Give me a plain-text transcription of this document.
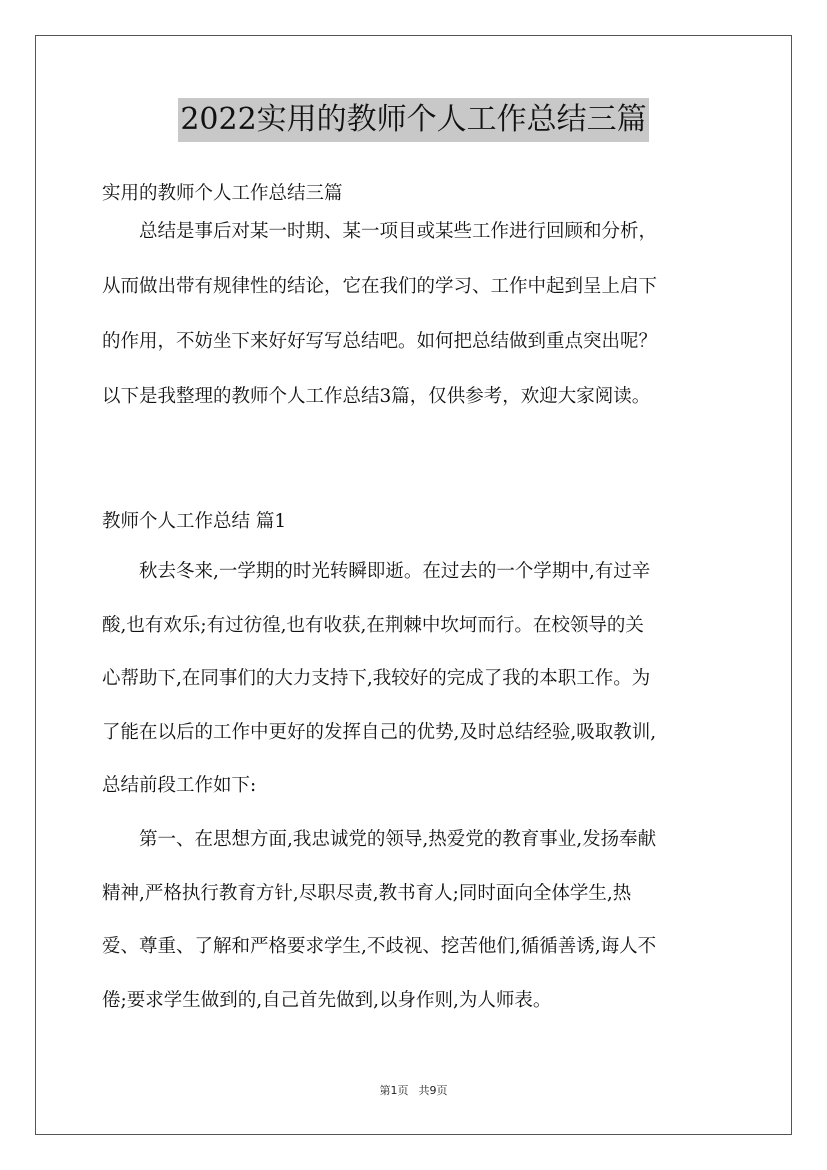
2022实用的教师个人工作总结三篇

实用的教师个人工作总结三篇

总结是事后对某一时期、某一项目或某些工作进行回顾和分析，
从而做出带有规律性的结论，它在我们的学习、工作中起到呈上启下
的作用，不妨坐下来好好写写总结吧。如何把总结做到重点突出呢？
以下是我整理的教师个人工作总结3篇，仅供参考，欢迎大家阅读。

教师个人工作总结 篇1

秋去冬来,一学期的时光转瞬即逝。在过去的一个学期中,有过辛
酸,也有欢乐;有过彷徨,也有收获,在荆棘中坎坷而行。在校领导的关
心帮助下,在同事们的大力支持下,我较好的完成了我的本职工作。为
了能在以后的工作中更好的发挥自己的优势,及时总结经验,吸取教训,
总结前段工作如下:
第一、在思想方面,我忠诚党的领导,热爱党的教育事业,发扬奉献
精神,严格执行教育方针,尽职尽责,教书育人;同时面向全体学生,热
爱、尊重、了解和严格要求学生,不歧视、挖苦他们,循循善诱,诲人不
倦;要求学生做到的,自己首先做到,以身作则,为人师表。
第1页 共9页
